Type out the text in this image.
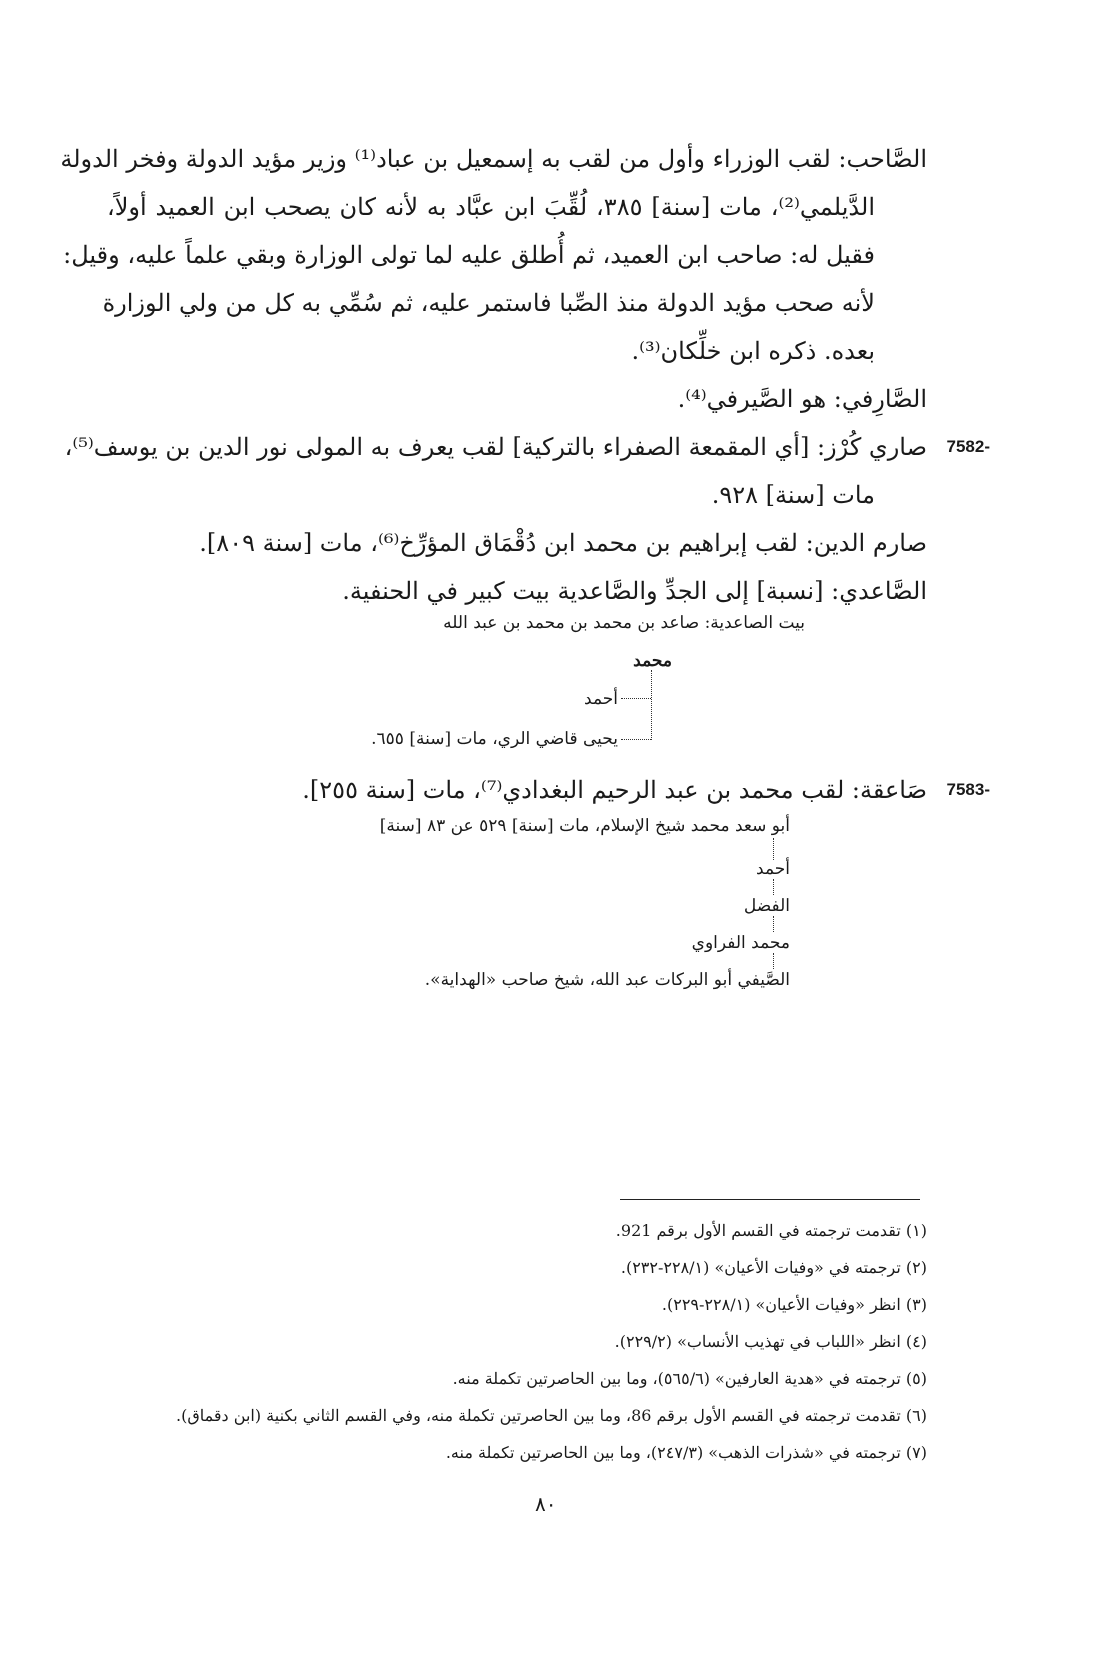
الصَّاحب: لقب الوزراء وأول من لقب به إسمعيل بن عباد⁽¹⁾ وزير مؤيد الدولة وفخر الدولة
الدَّيلمي⁽²⁾، مات [سنة] ٣٨٥، لُقِّبَ ابن عبَّاد به لأنه كان يصحب ابن العميد أولاً،
فقيل له: صاحب ابن العميد، ثم أُطلق عليه لما تولى الوزارة وبقي علماً عليه، وقيل:
لأنه صحب مؤيد الدولة منذ الصِّبا فاستمر عليه، ثم سُمِّي به كل من ولي الوزارة
بعده. ذكره ابن خلِّكان⁽³⁾.
الصَّارِفي: هو الصَّيرفي⁽⁴⁾.
7582-
صاري كُرْز: [أي المقمعة الصفراء بالتركية] لقب يعرف به المولى نور الدين بن يوسف⁽⁵⁾،
مات [سنة] ٩٢٨.
صارم الدين: لقب إبراهيم بن محمد ابن دُقْمَاق المؤرِّخ⁽⁶⁾، مات [سنة ٨٠٩].
الصَّاعدي: [نسبة] إلى الجدِّ والصَّاعدية بيت كبير في الحنفية.
بيت الصاعدية: صاعد بن محمد بن محمد بن عبد الله
محمد
أحمد
يحيى قاضي الري، مات [سنة] ٦٥٥.
7583-
صَاعقة: لقب محمد بن عبد الرحيم البغدادي⁽⁷⁾، مات [سنة ٢٥٥].
أبو سعد محمد شيخ الإسلام، مات [سنة] ٥٢٩ عن ٨٣ [سنة]
أحمد
الفضل
محمد الفراوي
الصَّيفي أبو البركات عبد الله، شيخ صاحب «الهداية».
(١) تقدمت ترجمته في القسم الأول برقم 921.
(٢) ترجمته في «وفيات الأعيان» (٢٢٨/١-٢٣٢).
(٣) انظر «وفيات الأعيان» (٢٢٨/١-٢٢٩).
(٤) انظر «اللباب في تهذيب الأنساب» (٢٢٩/٢).
(٥) ترجمته في «هدية العارفين» (٥٦٥/٦)، وما بين الحاصرتين تكملة منه.
(٦) تقدمت ترجمته في القسم الأول برقم 86، وما بين الحاصرتين تكملة منه، وفي القسم الثاني بكنية (ابن دقماق).
(٧) ترجمته في «شذرات الذهب» (٢٤٧/٣)، وما بين الحاصرتين تكملة منه.
٨٠
